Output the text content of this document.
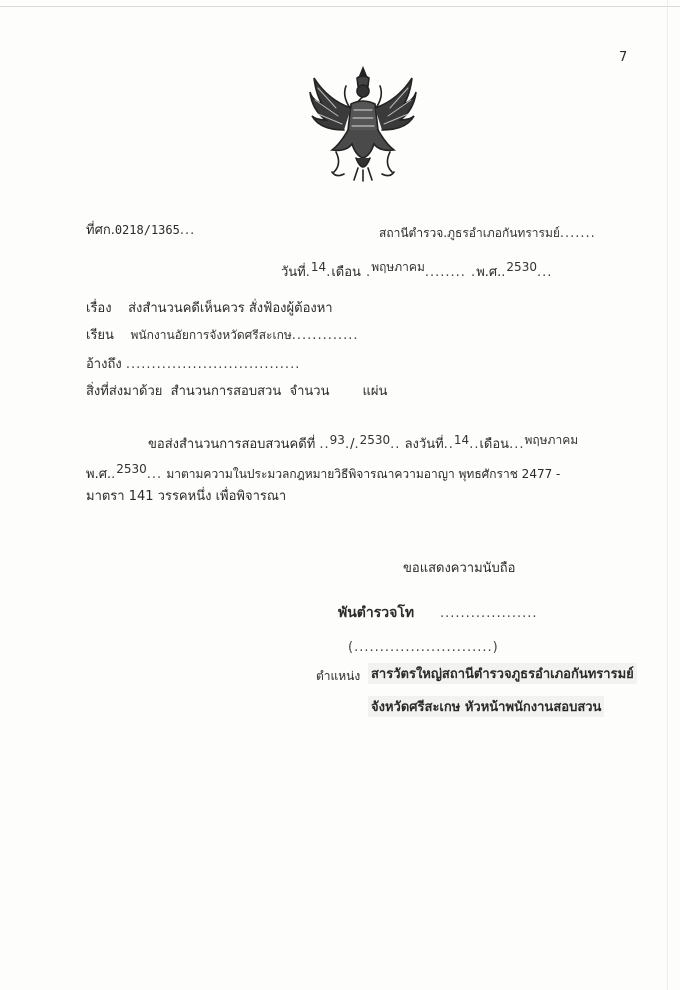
7
ที่ศก.0218/1365...	สถานีตำรวจ.ภูธรอำเภอกันทรารมย์.......
วันที่.14.เดือน .พฤษภาคม........ .พ.ศ..2530...
เรื่อง ส่งสำนวนคดีเห็นควร สั่งฟ้องผู้ต้องหา
เรียน พนักงานอัยการจังหวัดศรีสะเกษ.............
อ้างถึง ..................................
สิ่งที่ส่งมาด้วย สำนวนการสอบสวน จำนวน	แผ่น
ขอส่งสำนวนการสอบสวนคดีที่ ..93./.2530.. ลงวันที่..14..เดือน...พฤษภาคม
พ.ศ..2530... มาตามความในประมวลกฎหมายวิธีพิจารณาความอาญา พุทธศักราช 2477 -
มาตรา 141 วรรคหนึ่ง เพื่อพิจารณา
ขอแสดงความนับถือ
พันตำรวจโท ...................
(...........................)
ตำแหน่ง สารวัตรใหญ่สถานีตำรวจภูธรอำเภอกันทรารมย์
จังหวัดศรีสะเกษ หัวหน้าพนักงานสอบสวน
